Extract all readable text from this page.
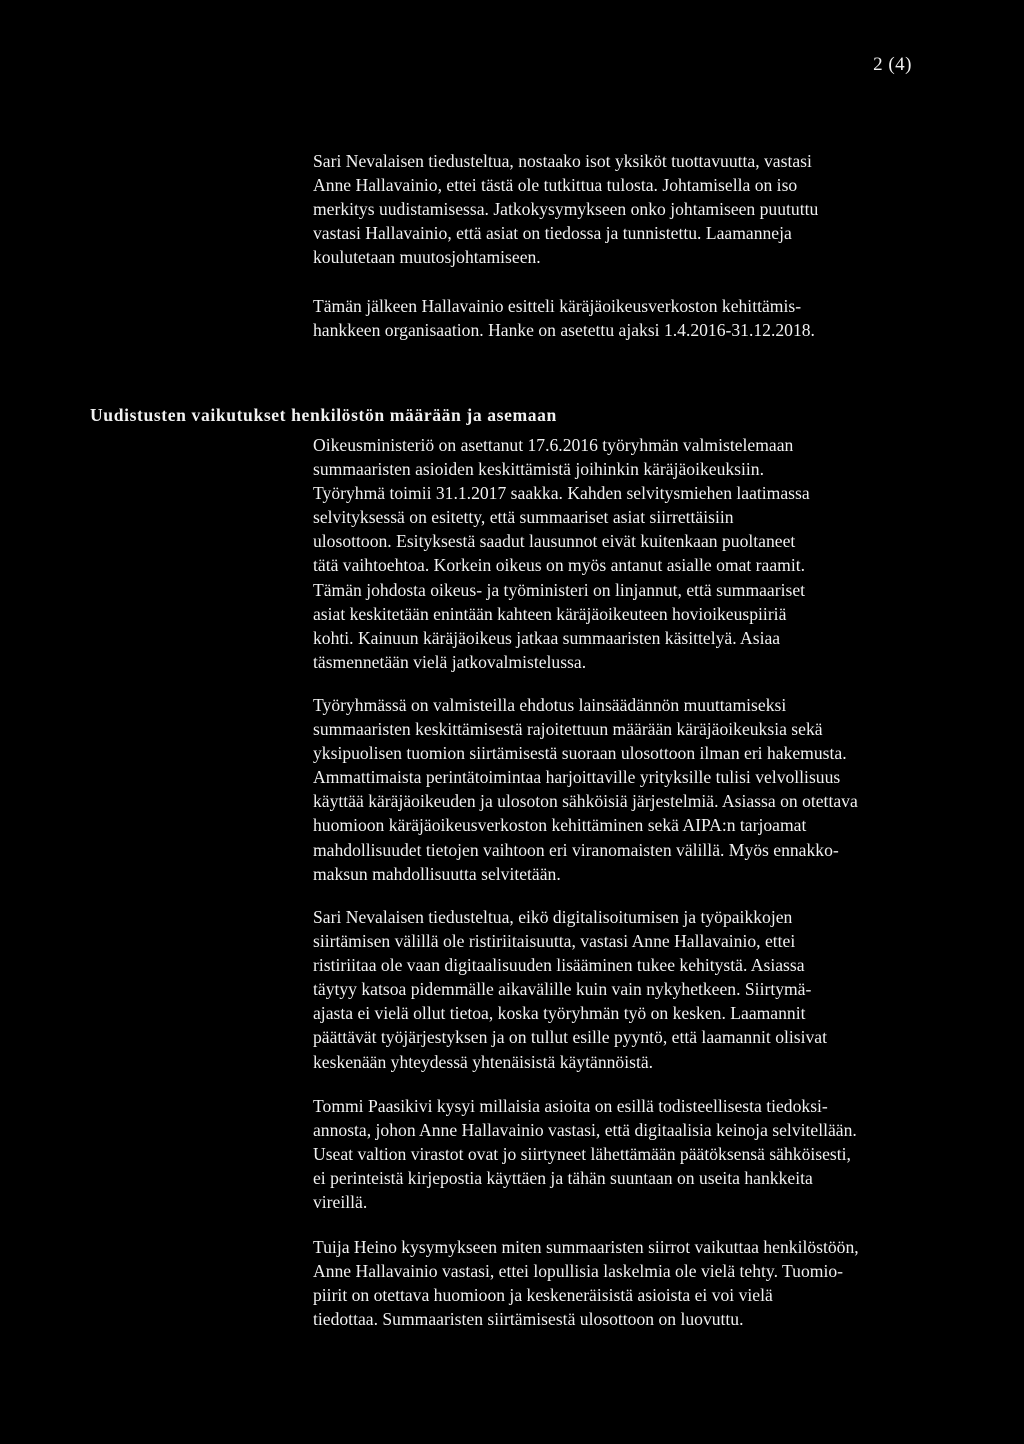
2 (4)
Sari Nevalaisen tiedusteltua, nostaako isot yksiköt tuottavuutta, vastasi
Anne Hallavainio, ettei tästä ole tutkittua tulosta. Johtamisella on iso
merkitys uudistamisessa. Jatkokysymykseen onko johtamiseen puututtu
vastasi Hallavainio, että asiat on tiedossa ja tunnistettu. Laamanneja
koulutetaan muutosjohtamiseen.
Tämän jälkeen Hallavainio esitteli käräjäoikeusverkoston kehittämis-
hankkeen organisaation. Hanke on asetettu ajaksi 1.4.2016-31.12.2018.
Uudistusten vaikutukset henkilöstön määrään ja asemaan
Oikeusministeriö on asettanut 17.6.2016 työryhmän valmistelemaan
summaaristen asioiden keskittämistä joihinkin käräjäoikeuksiin.
Työryhmä toimii 31.1.2017 saakka. Kahden selvitysmiehen laatimassa
selvityksessä on esitetty, että summaariset asiat siirrettäisiin
ulosottoon. Esityksestä saadut lausunnot eivät kuitenkaan puoltaneet
tätä vaihtoehtoa. Korkein oikeus on myös antanut asialle omat raamit.
Tämän johdosta oikeus- ja työministeri on linjannut, että summaariset
asiat keskitetään enintään kahteen käräjäoikeuteen hovioikeuspiiriä
kohti. Kainuun käräjäoikeus jatkaa summaaristen käsittelyä. Asiaa
täsmennetään vielä jatkovalmistelussa.
Työryhmässä on valmisteilla ehdotus lainsäädännön muuttamiseksi
summaaristen keskittämisestä rajoitettuun määrään käräjäoikeuksia sekä
yksipuolisen tuomion siirtämisestä suoraan ulosottoon ilman eri hakemusta.
Ammattimaista perintätoimintaa harjoittaville yrityksille tulisi velvollisuus
käyttää käräjäoikeuden ja ulosoton sähköisiä järjestelmiä. Asiassa on otettava
huomioon käräjäoikeusverkoston kehittäminen sekä AIPA:n tarjoamat
mahdollisuudet tietojen vaihtoon eri viranomaisten välillä. Myös ennakko-
maksun mahdollisuutta selvitetään.
Sari Nevalaisen tiedusteltua, eikö digitalisoitumisen ja työpaikkojen
siirtämisen välillä ole ristiriitaisuutta, vastasi Anne Hallavainio, ettei
ristiriitaa ole vaan digitaalisuuden lisääminen tukee kehitystä. Asiassa
täytyy katsoa pidemmälle aikavälille kuin vain nykyhetkeen. Siirtymä-
ajasta ei vielä ollut tietoa, koska työryhmän työ on kesken. Laamannit
päättävät työjärjestyksen ja on tullut esille pyyntö, että laamannit olisivat
keskenään yhteydessä yhtenäisistä käytännöistä.
Tommi Paasikivi kysyi millaisia asioita on esillä todisteellisesta tiedoksi-
annosta, johon Anne Hallavainio vastasi, että digitaalisia keinoja selvitellään.
Useat valtion virastot ovat jo siirtyneet lähettämään päätöksensä sähköisesti,
ei perinteistä kirjepostia käyttäen ja tähän suuntaan on useita hankkeita
vireillä.
Tuija Heino kysymykseen miten summaaristen siirrot vaikuttaa henkilöstöön,
Anne Hallavainio vastasi, ettei lopullisia laskelmia ole vielä tehty. Tuomio-
piirit on otettava huomioon ja keskeneräisistä asioista ei voi vielä
tiedottaa. Summaaristen siirtämisestä ulosottoon on luovuttu.
